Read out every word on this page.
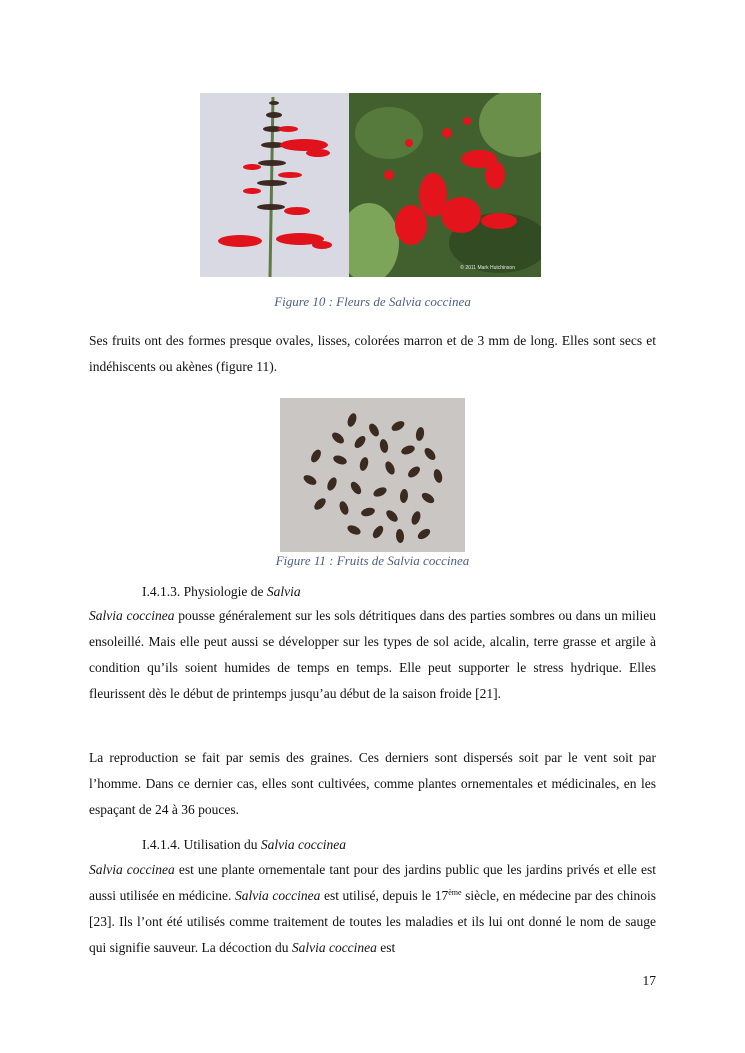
© 2011 Mark Hutchinson
Figure 10 : Fleurs de Salvia coccinea
Ses fruits ont des formes presque ovales, lisses, colorées marron et de 3 mm de long. Elles sont secs et indéhiscents ou akènes (figure 11).
Figure 11 : Fruits de Salvia coccinea
I.4.1.3. Physiologie de Salvia
Salvia coccinea pousse généralement sur les sols détritiques dans des parties sombres ou dans un milieu ensoleillé. Mais elle peut aussi se développer sur les types de sol acide, alcalin, terre grasse et argile à condition qu’ils soient humides de temps en temps. Elle peut supporter le stress hydrique. Elles fleurissent dès le début de printemps jusqu’au début de la saison froide [21].
La reproduction se fait par semis des graines. Ces derniers sont dispersés soit par le vent soit par l’homme. Dans ce dernier cas, elles sont cultivées, comme plantes ornementales et médicinales, en les espaçant de 24 à 36 pouces.
I.4.1.4. Utilisation du Salvia coccinea
Salvia coccinea est une plante ornementale tant pour des jardins public que les jardins privés et elle est aussi utilisée en médicine. Salvia coccinea est utilisé, depuis le 17ème siècle, en médecine par des chinois [23]. Ils l’ont été utilisés comme traitement de toutes les maladies et ils lui ont donné le nom de sauge qui signifie sauveur. La décoction du Salvia coccinea est
17
